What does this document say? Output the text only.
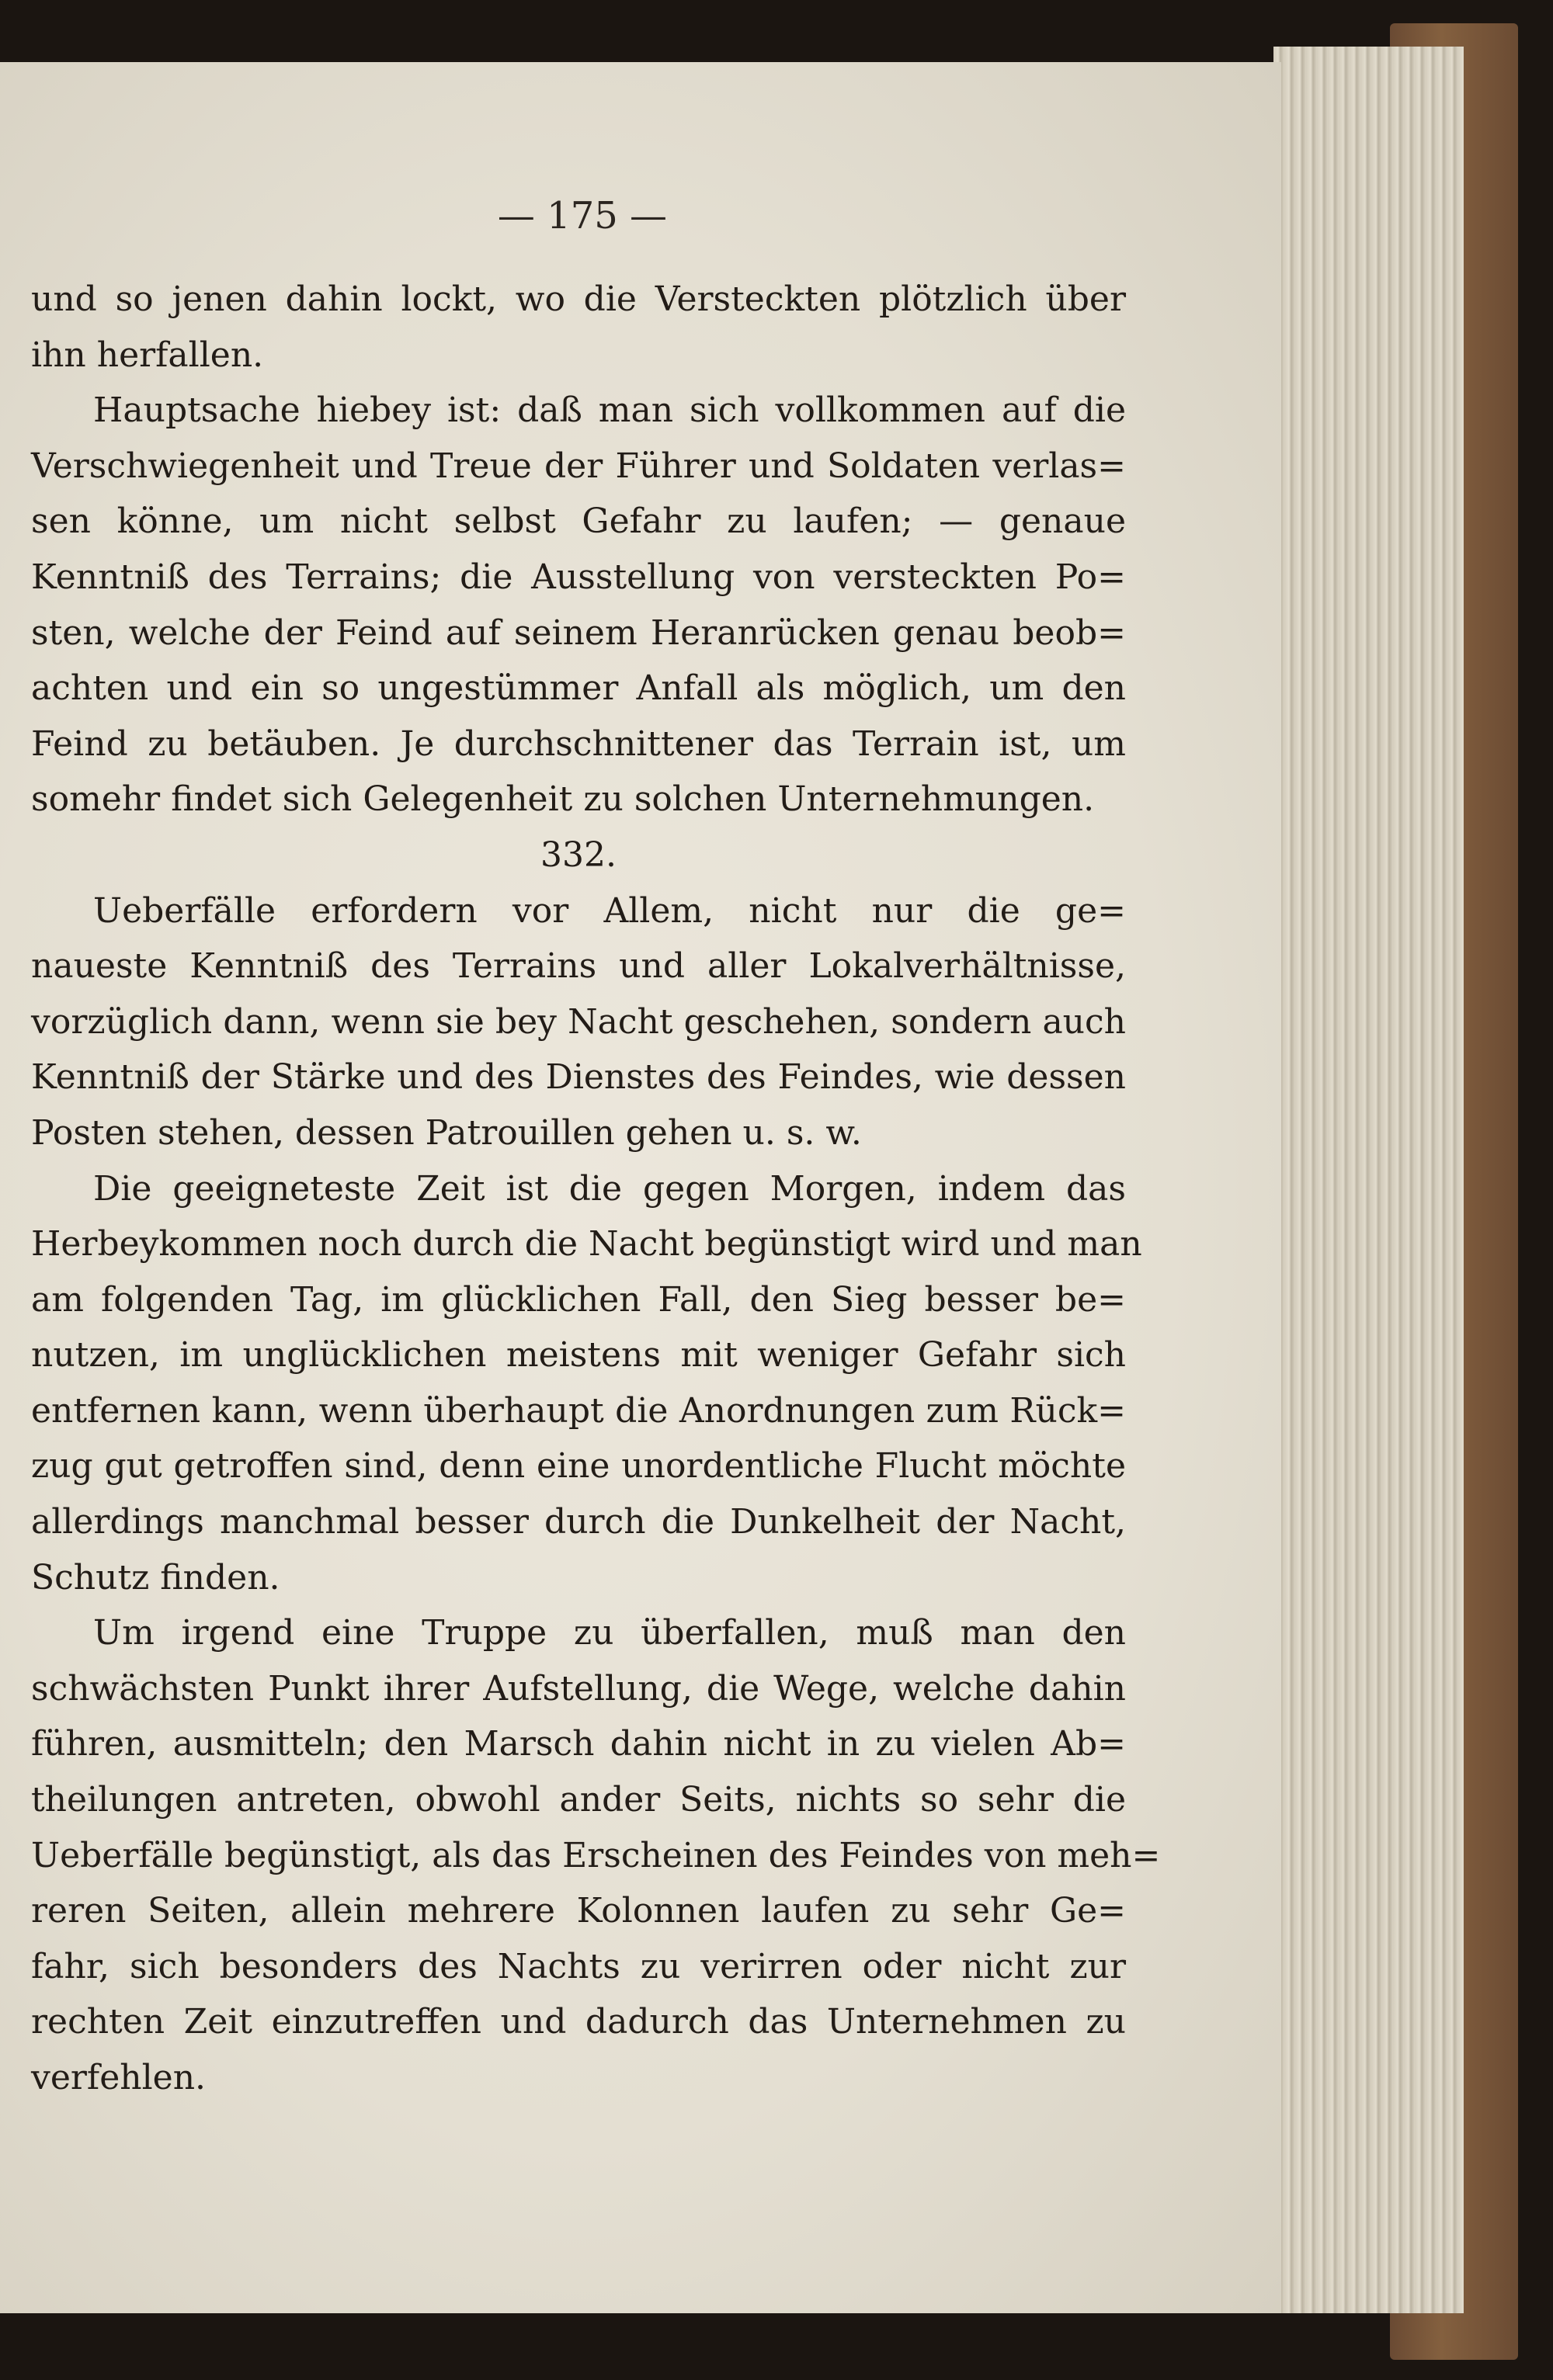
— 175 —
und so jenen dahin lockt, wo die Versteckten plötzlich über
ihn herfallen.
Hauptsache hiebey ist: daß man sich vollkommen auf die
Verschwiegenheit und Treue der Führer und Soldaten verlas=
sen könne, um nicht selbst Gefahr zu laufen; — genaue
Kenntniß des Terrains; die Ausstellung von versteckten Po=
sten, welche der Feind auf seinem Heranrücken genau beob=
achten und ein so ungestümmer Anfall als möglich, um den
Feind zu betäuben. Je durchschnittener das Terrain ist, um
somehr findet sich Gelegenheit zu solchen Unternehmungen.
332.
Ueberfälle erfordern vor Allem, nicht nur die ge=
naueste Kenntniß des Terrains und aller Lokalverhältnisse,
vorzüglich dann, wenn sie bey Nacht geschehen, sondern auch
Kenntniß der Stärke und des Dienstes des Feindes, wie dessen
Posten stehen, dessen Patrouillen gehen u. s. w.
Die geeigneteste Zeit ist die gegen Morgen, indem das
Herbeykommen noch durch die Nacht begünstigt wird und man
am folgenden Tag, im glücklichen Fall, den Sieg besser be=
nutzen, im unglücklichen meistens mit weniger Gefahr sich
entfernen kann, wenn überhaupt die Anordnungen zum Rück=
zug gut getroffen sind, denn eine unordentliche Flucht möchte
allerdings manchmal besser durch die Dunkelheit der Nacht,
Schutz finden.
Um irgend eine Truppe zu überfallen, muß man den
schwächsten Punkt ihrer Aufstellung, die Wege, welche dahin
führen, ausmitteln; den Marsch dahin nicht in zu vielen Ab=
theilungen antreten, obwohl ander Seits, nichts so sehr die
Ueberfälle begünstigt, als das Erscheinen des Feindes von meh=
reren Seiten, allein mehrere Kolonnen laufen zu sehr Ge=
fahr, sich besonders des Nachts zu verirren oder nicht zur
rechten Zeit einzutreffen und dadurch das Unternehmen zu
verfehlen.
